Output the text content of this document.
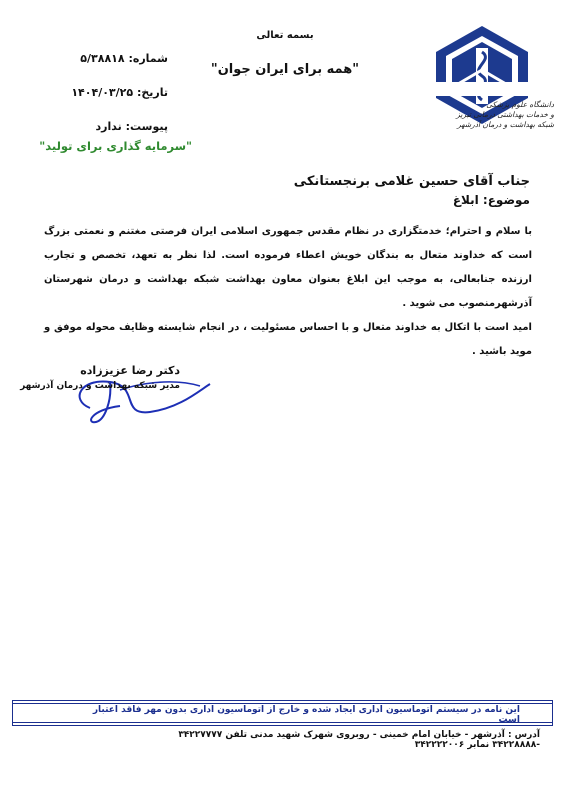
دانشگاه علوم پزشکی
و خدمات بهداشتی درمانی تبریز
شبکه بهداشت و درمان آذرشهر
بسمه تعالی
"همه برای ایران جوان"
شماره: ۵/۳۸۸۱۸
تاریخ: ۱۴۰۴/۰۳/۲۵
پیوست: ندارد
"سرمایه گذاری برای تولید"
جناب آقای حسین غلامی برنجستانکی
موضوع: ابلاغ

با سلام و احترام؛ خدمتگزاری در نظام مقدس جمهوری اسلامی ایران فرصتی مغتنم و نعمتی بزرگ است که خداوند متعال به بندگان خویش اعطاء فرموده است. لذا نظر به تعهد، تخصص و تجارب ارزنده جنابعالی، به موجب این ابلاغ بعنوان معاون بهداشت شبکه بهداشت و درمان شهرستان آذرشهرمنصوب می شوید .

امید است با اتکال به خداوند متعال و با احساس مسئولیت ، در انجام شایسته وظایف محوله موفق و موید باشید .

دکتر رضا عزیززاده
مدیر شبکه بهداشت و درمان آذرشهر
این نامه در سیستم اتوماسیون اداری ایجاد شده و خارج از اتوماسیون اداری بدون مهر فاقد اعتبار است
آدرس : آذرشهر - خیابان امام خمینی - روبروی شهرک شهید مدنی تلفن ۳۴۲۲۷۷۷۷ -۳۴۲۲۸۸۸۸ نمابر ۳۴۲۲۲۲۰۰۶
